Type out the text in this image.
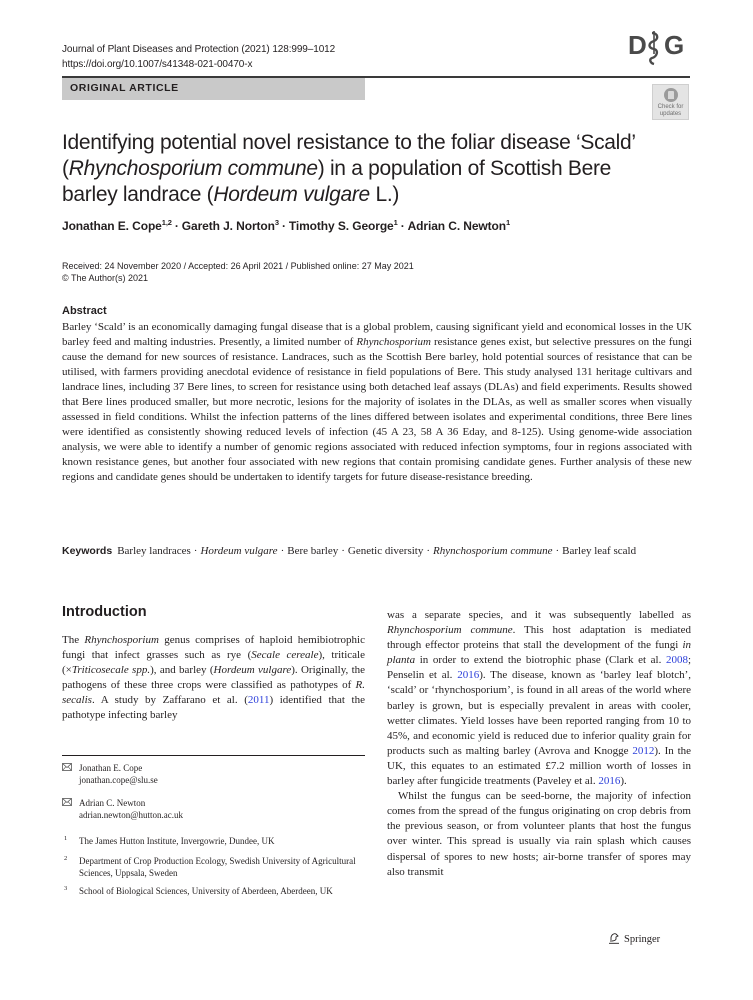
Journal of Plant Diseases and Protection (2021) 128:999–1012
https://doi.org/10.1007/s41348-021-00470-x
D G
ORIGINAL ARTICLE
Check for
updates
Identifying potential novel resistance to the foliar disease ‘Scald’ (Rhynchosporium commune) in a population of Scottish Bere barley landrace (Hordeum vulgare L.)
Jonathan E. Cope$^{1,2}$ · Gareth J. Norton$^3$ · Timothy S. George$^1$ · Adrian C. Newton$^1$
Received: 24 November 2020 / Accepted: 26 April 2021 / Published online: 27 May 2021
© The Author(s) 2021
Abstract
Barley ‘Scald’ is an economically damaging fungal disease that is a global problem, causing significant yield and economical losses in the UK barley feed and malting industries. Presently, a limited number of Rhynchosporium resistance genes exist, but selective pressures on the fungi cause the demand for new sources of resistance. Landraces, such as the Scottish Bere barley, hold potential sources of resistance that can be utilised, with farmers providing anecdotal evidence of resistance in field populations of Bere. This study analysed 131 heritage cultivars and landrace lines, including 37 Bere lines, to screen for resistance using both detached leaf assays (DLAs) and field experiments. Results showed that Bere lines produced smaller, but more necrotic, lesions for the majority of isolates in the DLAs, as well as smaller scores when visually assessed in field conditions. Whilst the infection patterns of the lines differed between isolates and experimental conditions, three Bere lines were identified as consistently showing reduced levels of infection (45 A 23, 58 A 36 Eday, and 8-125). Using genome-wide association analysis, we were able to identify a number of genomic regions associated with reduced infection symptoms, four in regions associated with known resistance genes, but another four associated with new regions that contain promising candidate genes. Further analysis of these new regions and candidate genes should be undertaken to identify targets for future disease-resistance breeding.
Keywords Barley landraces · Hordeum vulgare · Bere barley · Genetic diversity · Rhynchosporium commune · Barley leaf scald
Introduction

The Rhynchosporium genus comprises of haploid hemibiotrophic fungi that infect grasses such as rye (Secale cereale), triticale (×Triticosecale spp.), and barley (Hordeum vulgare). Originally, the pathogens of these three crops were classified as pathotypes of R. secalis. A study by Zaffarano et al. (2011) identified that the pathotype infecting barley

was a separate species, and it was subsequently labelled as Rhynchosporium commune. This host adaptation is mediated through effector proteins that stall the development of the fungi in planta in order to extend the biotrophic phase (Clark et al. 2008; Penselin et al. 2016). The disease, known as ‘barley leaf blotch’, ‘scald’ or ‘rhynchosporium’, is found in all areas of the world where barley is grown, but is especially prevalent in areas with cooler, wetter climates. Yield losses have been reported ranging from 10 to 45%, and economic yield is reduced due to inferior quality grain for products such as malting barley (Avrova and Knogge 2012). In the UK, this equates to an estimated £7.2 million worth of losses in barley after fungicide treatments (Paveley et al. 2016).

Whilst the fungus can be seed-borne, the majority of infection comes from the spread of the fungus originating on crop debris from the previous season, or from volunteer plants that host the fungus over winter. This spread is usually via rain splash which causes dispersal of spores to new hosts; air-borne transfer of spores may also transmit

Jonathan E. Cope
jonathan.cope@slu.se
Adrian C. Newton
adrian.newton@hutton.ac.uk
1 The James Hutton Institute, Invergowrie, Dundee, UK
2 Department of Crop Production Ecology, Swedish University of Agricultural Sciences, Uppsala, Sweden
3 School of Biological Sciences, University of Aberdeen, Aberdeen, UK
Springer
